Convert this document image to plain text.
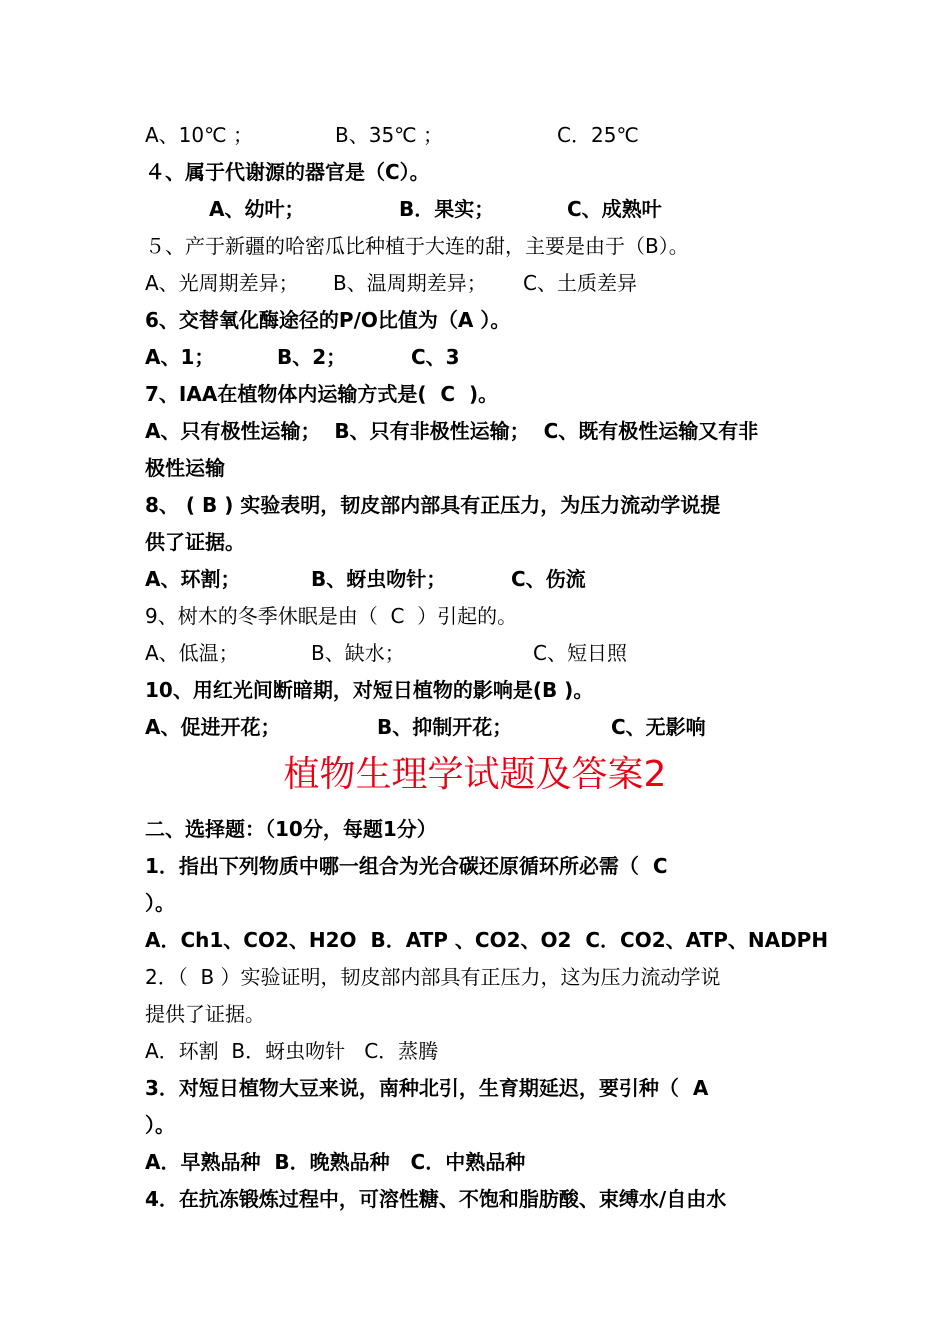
A、10℃ ；

	B、35℃ ；

	C．25℃

４、属于代谢源的器官是（C）。

A、幼叶；

	B．果实；

	C、成熟叶

５、产于新疆的哈密瓜比种植于大连的甜，主要是由于（B）。

A、光周期差异；

B、温周期差异；

C、土质差异

6、交替氧化酶途径的P/O比值为（A ）。

A、1；

	B、2；

	C、3

7、IAA在植物体内运输方式是(  C  )。
A、只有极性运输；  B、只有非极性运输；  C、既有极性运输又有非
极性运输
8、 ( B ) 实验表明，韧皮部内部具有正压力，为压力流动学说提
供了证据。

A、环割；

	B、蚜虫吻针；

	C、伤流

9、树木的冬季休眠是由（  C  ）引起的。

A、低温；

	B、缺水；

	C、短日照

10、用红光间断暗期，对短日植物的影响是(B )。

A、促进开花；

	B、抑制开花；

	C、无影响

植物生理学试题及答案2
二、选择题：（10分，每题1分）
1．指出下列物质中哪一组合为光合碳还原循环所必需（  C
）。
A．Ch1、CO2、H2O  B．ATP 、CO2、O2  C．CO2、ATP、NADPH
2．（  B ）实验证明，韧皮部内部具有正压力，这为压力流动学说
提供了证据。
A．环割  B．蚜虫吻针   C．蒸腾
3．对短日植物大豆来说，南种北引，生育期延迟，要引种（  A
）。
A．早熟品种  B．晚熟品种   C．中熟品种
4．在抗冻锻炼过程中，可溶性糖、不饱和脂肪酸、束缚水/自由水
